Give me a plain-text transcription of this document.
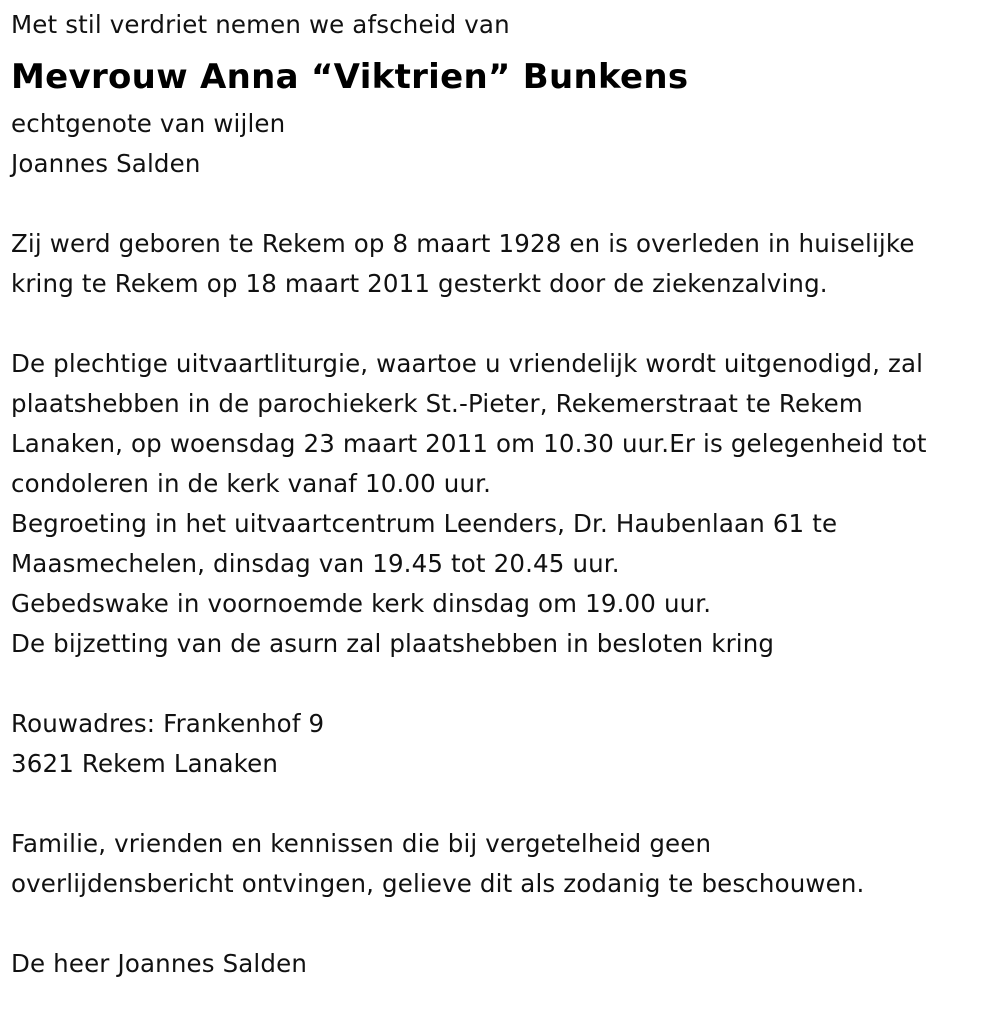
Met stil verdriet nemen we afscheid van
Mevrouw Anna “Viktrien” Bunkens
echtgenote van wijlen
Joannes Salden
Zij werd geboren te Rekem op 8 maart 1928 en is overleden in huiselijke
kring te Rekem op 18 maart 2011 gesterkt door de ziekenzalving.
De plechtige uitvaartliturgie, waartoe u vriendelijk wordt uitgenodigd, zal
plaatshebben in de parochiekerk St.-Pieter, Rekemerstraat te Rekem
Lanaken, op woensdag 23 maart 2011 om 10.30 uur.Er is gelegenheid tot
condoleren in de kerk vanaf 10.00 uur.
Begroeting in het uitvaartcentrum Leenders, Dr. Haubenlaan 61 te
Maasmechelen, dinsdag van 19.45 tot 20.45 uur.
Gebedswake in voornoemde kerk dinsdag om 19.00 uur.
De bijzetting van de asurn zal plaatshebben in besloten kring
Rouwadres: Frankenhof 9
3621 Rekem Lanaken
Familie, vrienden en kennissen die bij vergetelheid geen
overlijdensbericht ontvingen, gelieve dit als zodanig te beschouwen.
De heer Joannes Salden
